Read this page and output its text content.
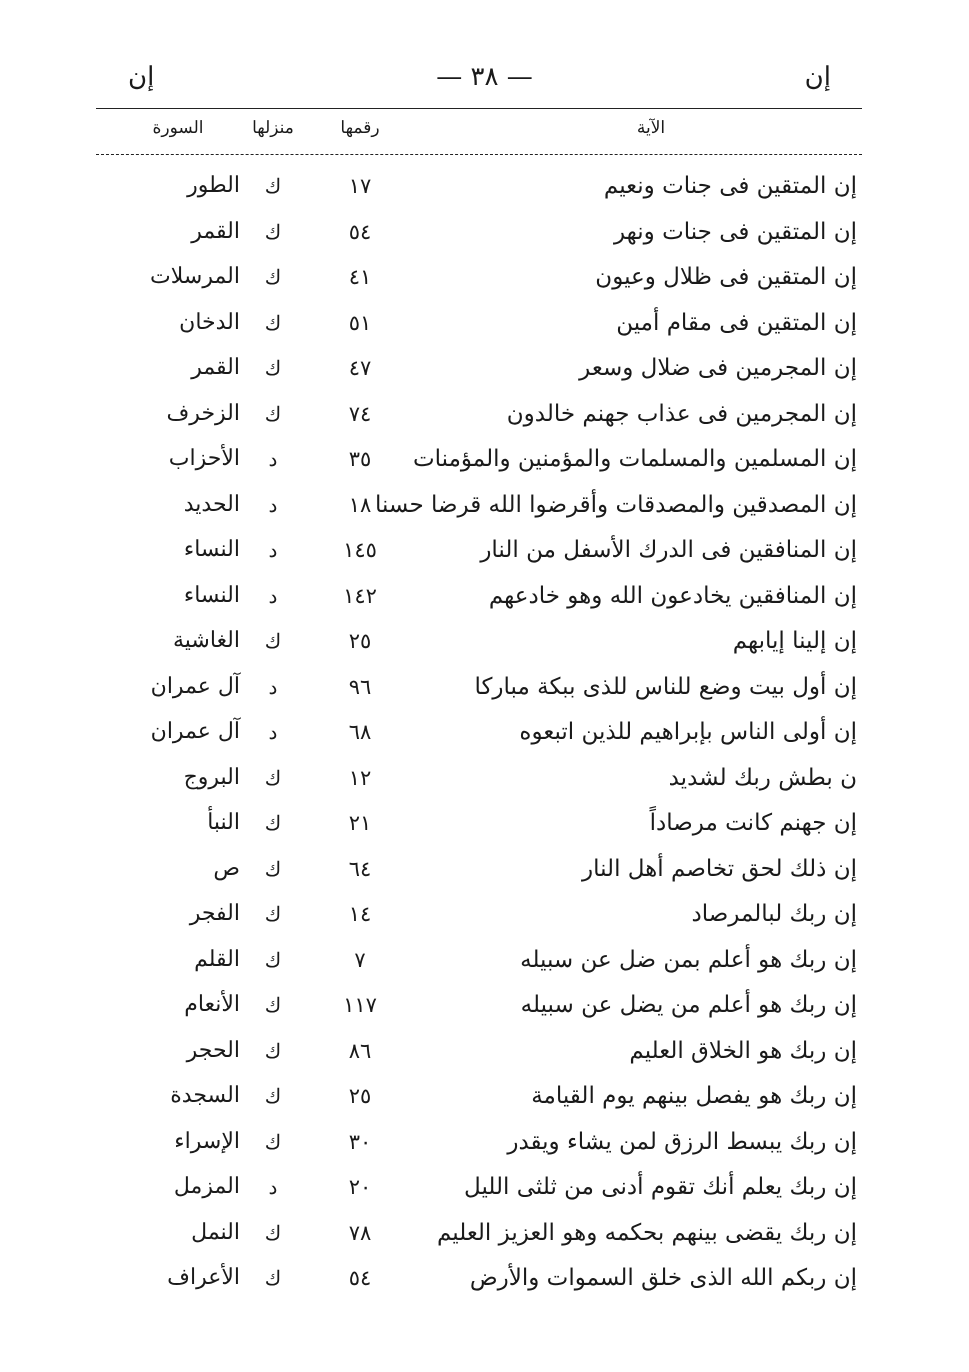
إن
— ٣٨ —
إن
الآية
رقمها
منزلها
السورة
إن المتقين فى جنات ونعيم
١٧
ك
الطور
إن المتقين فى جنات ونهر
٥٤
ك
القمر
إن المتقين فى ظلال وعيون
٤١
ك
المرسلات
إن المتقين فى مقام أمين
٥١
ك
الدخان
إن المجرمين فى ضلال وسعر
٤٧
ك
القمر
إن المجرمين فى عذاب جهنم خالدون
٧٤
ك
الزخرف
إن المسلمين والمسلمات والمؤمنين والمؤمنات
٣٥
د
الأحزاب
إن المصدقين والمصدقات وأقرضوا الله قرضا حسنا
١٨
د
الحديد
إن المنافقين فى الدرك الأسفل من النار
١٤٥
د
النساء
إن المنافقين يخادعون الله وهو خادعهم
١٤٢
د
النساء
إن إلينا إيابهم
٢٥
ك
الغاشية
إن أول بيت وضع للناس للذى ببكة مباركا
٩٦
د
آل عمران
إن أولى الناس بإبراهيم للذين اتبعوه
٦٨
د
آل عمران
ن بطش ربك لشديد
١٢
ك
البروج
إن جهنم كانت مرصاداً
٢١
ك
النبأ
إن ذلك لحق تخاصم أهل النار
٦٤
ك
ص
إن ربك لبالمرصاد
١٤
ك
الفجر
إن ربك هو أعلم بمن ضل عن سبيله
٧
ك
القلم
إن ربك هو أعلم من يضل عن سبيله
١١٧
ك
الأنعام
إن ربك هو الخلاق العليم
٨٦
ك
الحجر
إن ربك هو يفصل بينهم يوم القيامة
٢٥
ك
السجدة
إن ربك يبسط الرزق لمن يشاء ويقدر
٣٠
ك
الإسراء
إن ربك يعلم أنك تقوم أدنى من ثلثى الليل
٢٠
د
المزمل
إن ربك يقضى بينهم بحكمه وهو العزيز العليم
٧٨
ك
النمل
إن ربكم الله الذى خلق السموات والأرض
٥٤
ك
الأعراف
